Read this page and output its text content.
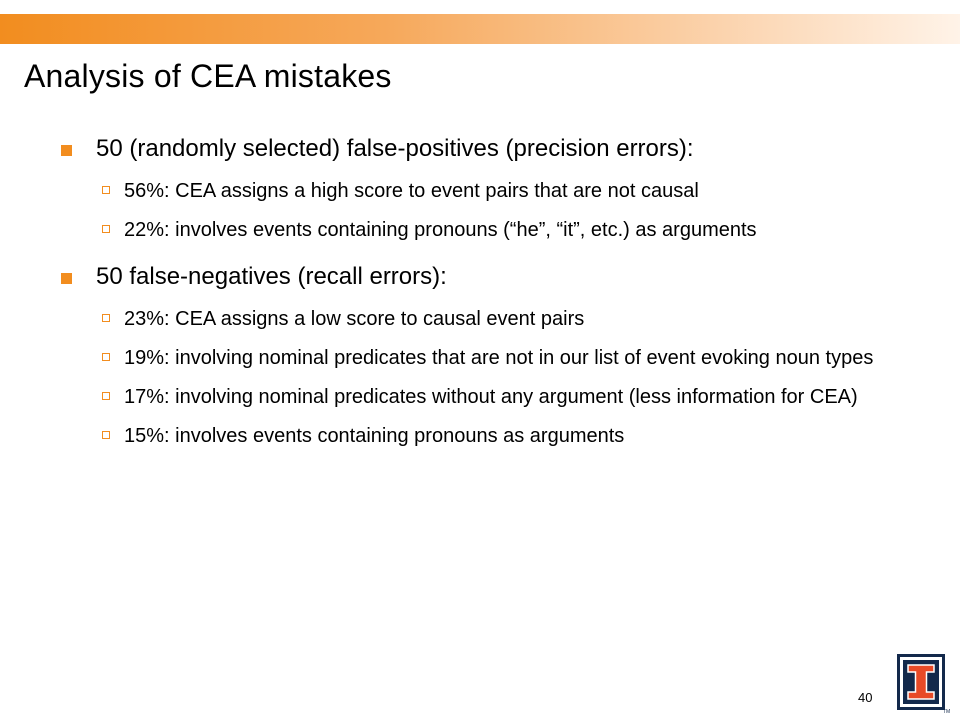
Analysis of CEA mistakes
50 (randomly selected) false-positives (precision errors):
56%: CEA assigns a high score to event pairs that are not causal
22%: involves events containing pronouns (“he”, “it”, etc.) as arguments
50 false-negatives (recall errors):
23%: CEA assigns a low score to causal event pairs
19%: involving nominal predicates that are not in our list of event evoking noun types
17%: involving nominal predicates without any argument (less information for CEA)
15%: involves events containing pronouns as arguments
40
TM
